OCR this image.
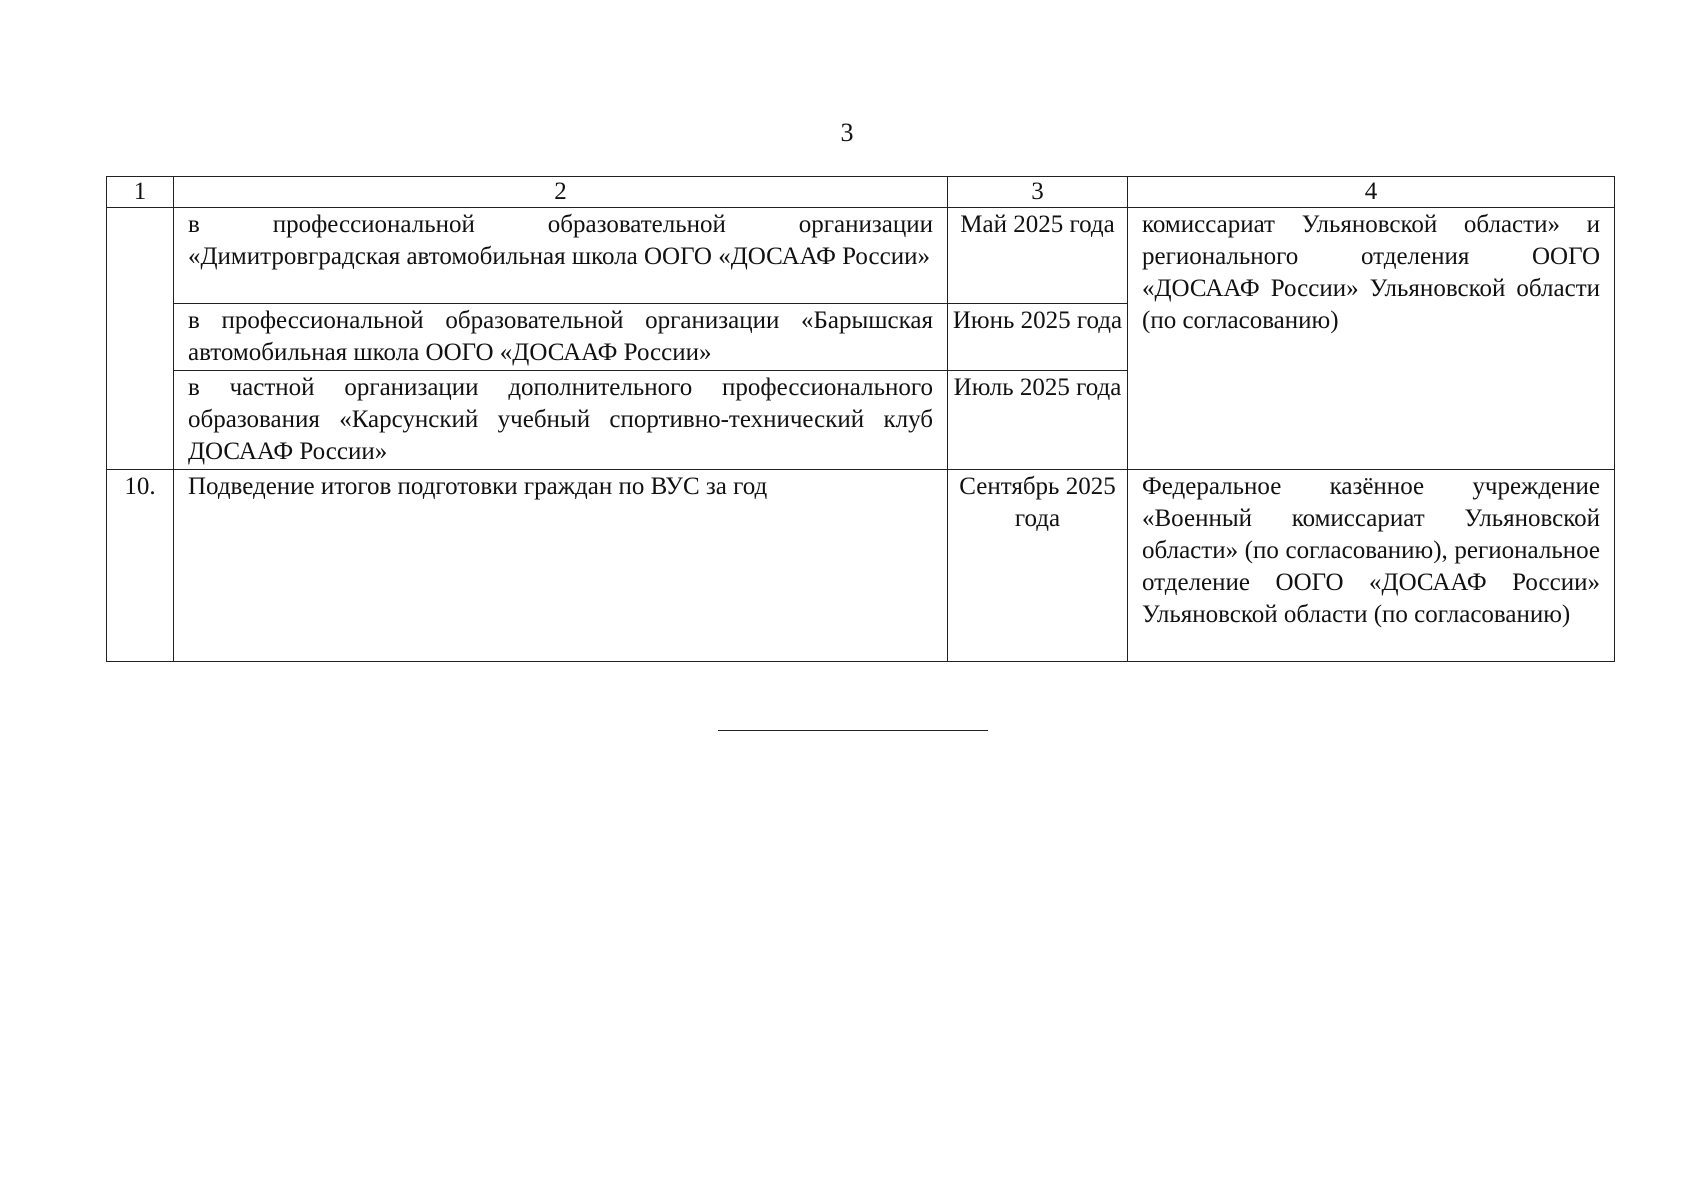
3
1	2	3	4
	в профессиональной образовательной организации «Димитровградская автомобильная школа ООГО «ДОСААФ России»	Май 2025 года	комиссариат Ульяновской области» и регионального отделения ООГО «ДОСААФ России» Ульяновской области (по согласованию)
	в профессиональной образовательной организации «Барышская автомобильная школа ООГО «ДОСААФ России»	Июнь 2025 года	
	в частной организации дополнительного профессионального образования «Карсунский учебный спортивно-технический клуб ДОСААФ России»	Июль 2025 года	
10.	Подведение итогов подготовки граждан по ВУС за год	Сентябрь 2025 года	Федеральное казённое учреждение «Военный комиссариат Ульяновской области» (по согласованию), региональное отделение ООГО «ДОСААФ России» Ульяновской области (по согласованию)
